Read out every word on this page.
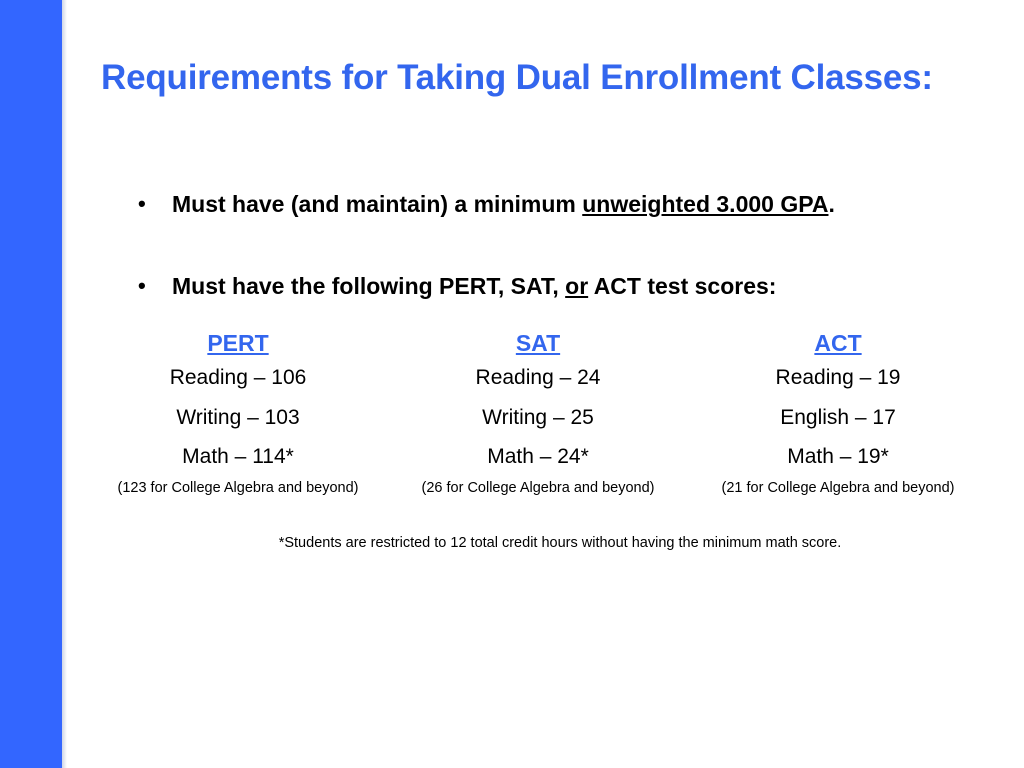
Requirements for Taking Dual Enrollment Classes:
• Must have (and maintain) a minimum unweighted 3.000 GPA.
• Must have the following PERT, SAT, or ACT test scores:
PERT
Reading – 106
Writing – 103
Math – 114*
(123 for College Algebra and beyond)
SAT
Reading – 24
Writing – 25
Math – 24*
(26 for College Algebra and beyond)
ACT
Reading – 19
English – 17
Math – 19*
(21 for College Algebra and beyond)
*Students are restricted to 12 total credit hours without having the minimum math score.
